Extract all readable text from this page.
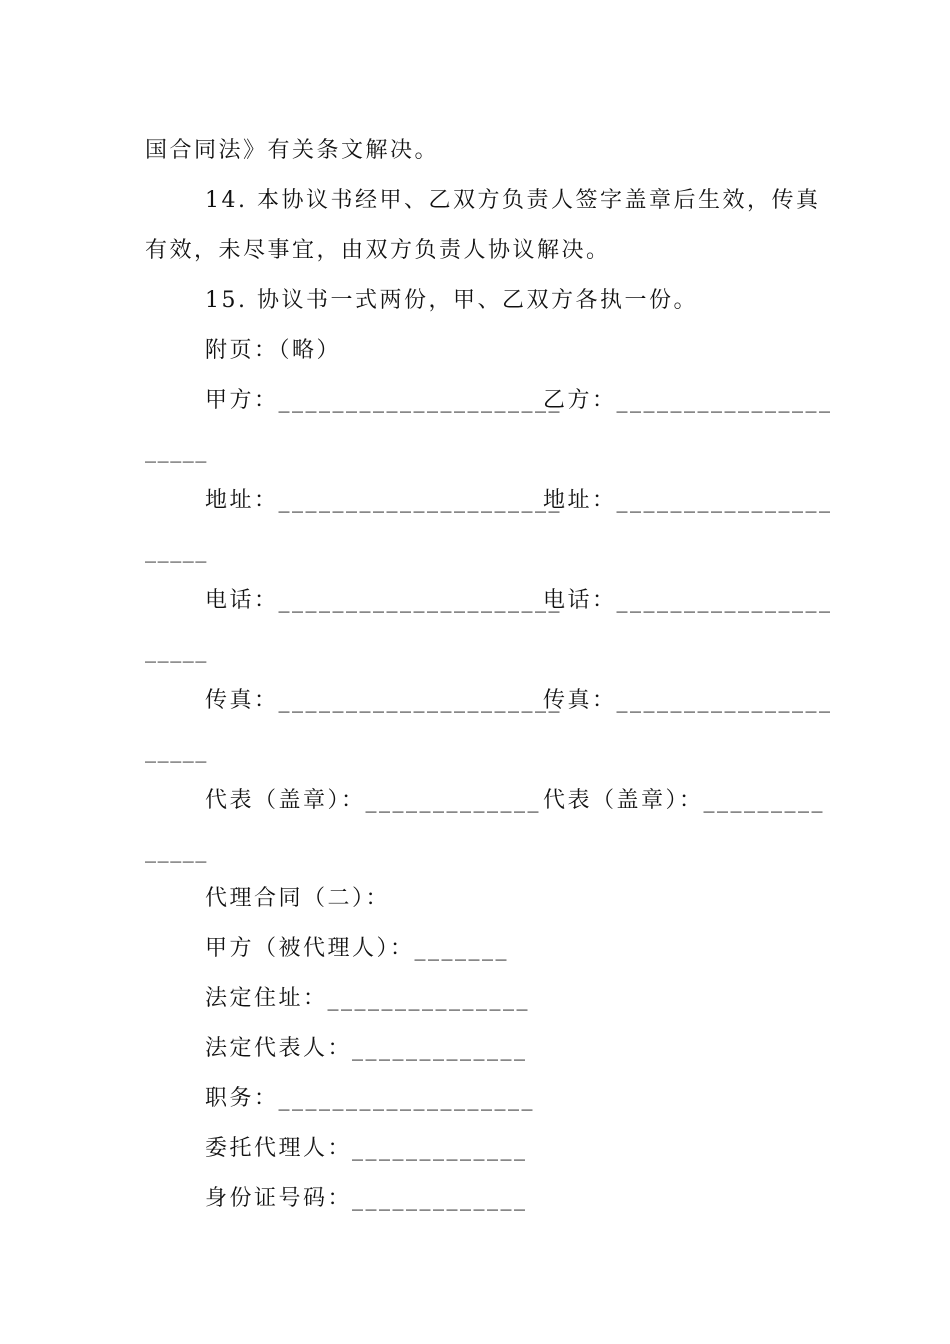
国合同法》有关条文解决。
14. 本协议书经甲、乙双方负责人签字盖章后生效，传真
有效，未尽事宜，由双方负责人协议解决。
15. 协议书一式两份，甲、乙双方各执一份。
附页：（略）
甲方：_____________________
乙方：________________
_____
地址：_____________________
地址：________________
_____
电话：_____________________
电话：________________
_____
传真：_____________________
传真：________________
_____
代表（盖章）：_____________ 代表（盖章）：_________
_____
代理合同（二）：
甲方（被代理人）：_______
法定住址：_______________
法定代表人：_____________
职务：___________________
委托代理人：_____________
身份证号码：_____________
